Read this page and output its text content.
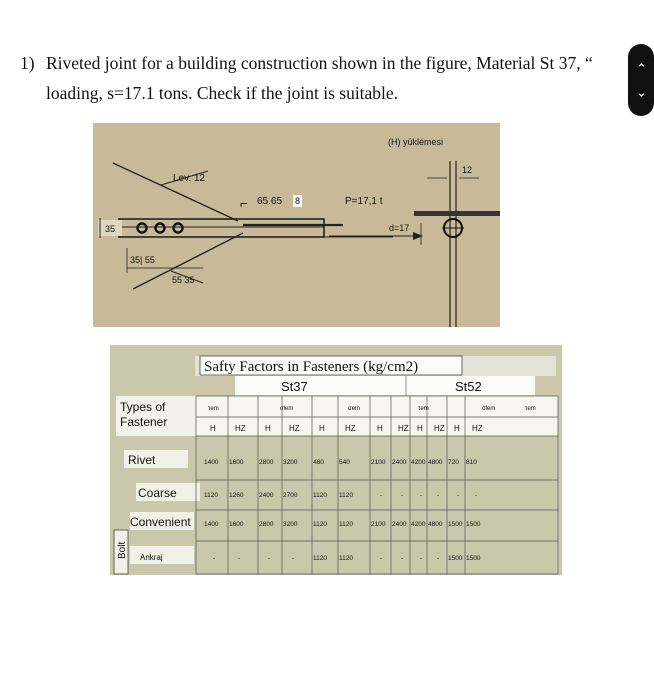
1) Riveted joint for a building construction shown in the figure, Material St 37, “
loading, s=17.1 tons. Check if the joint is suitable.
‹
›
35
35| 55
55 35
Lev. 12
⌐ 65.65 8	P=17,1 t
(H) yüklémesi
12
d=17
Safty Factors in Fasteners (kg/cm2)
St37	St52
Types of
Fastener
τem	σlem	σem	τem	σlem	τem
H HZ H HZ H	HZ	H HZ H HZ H HZ
Rivet	1400 1600 2800 3200 480 540	2100 2400 4200 4800 720 810
Coarse	1120 1260 2400 2700 1120 1120	-	-	- -	- -
Convenient 1400 1600 2800 3200 1120 1120	2100 2400 4200 4800 1500 1500
Ankraj	-	-	-	-	1120 1120	-	-	- - 1500 1500
Bolt
